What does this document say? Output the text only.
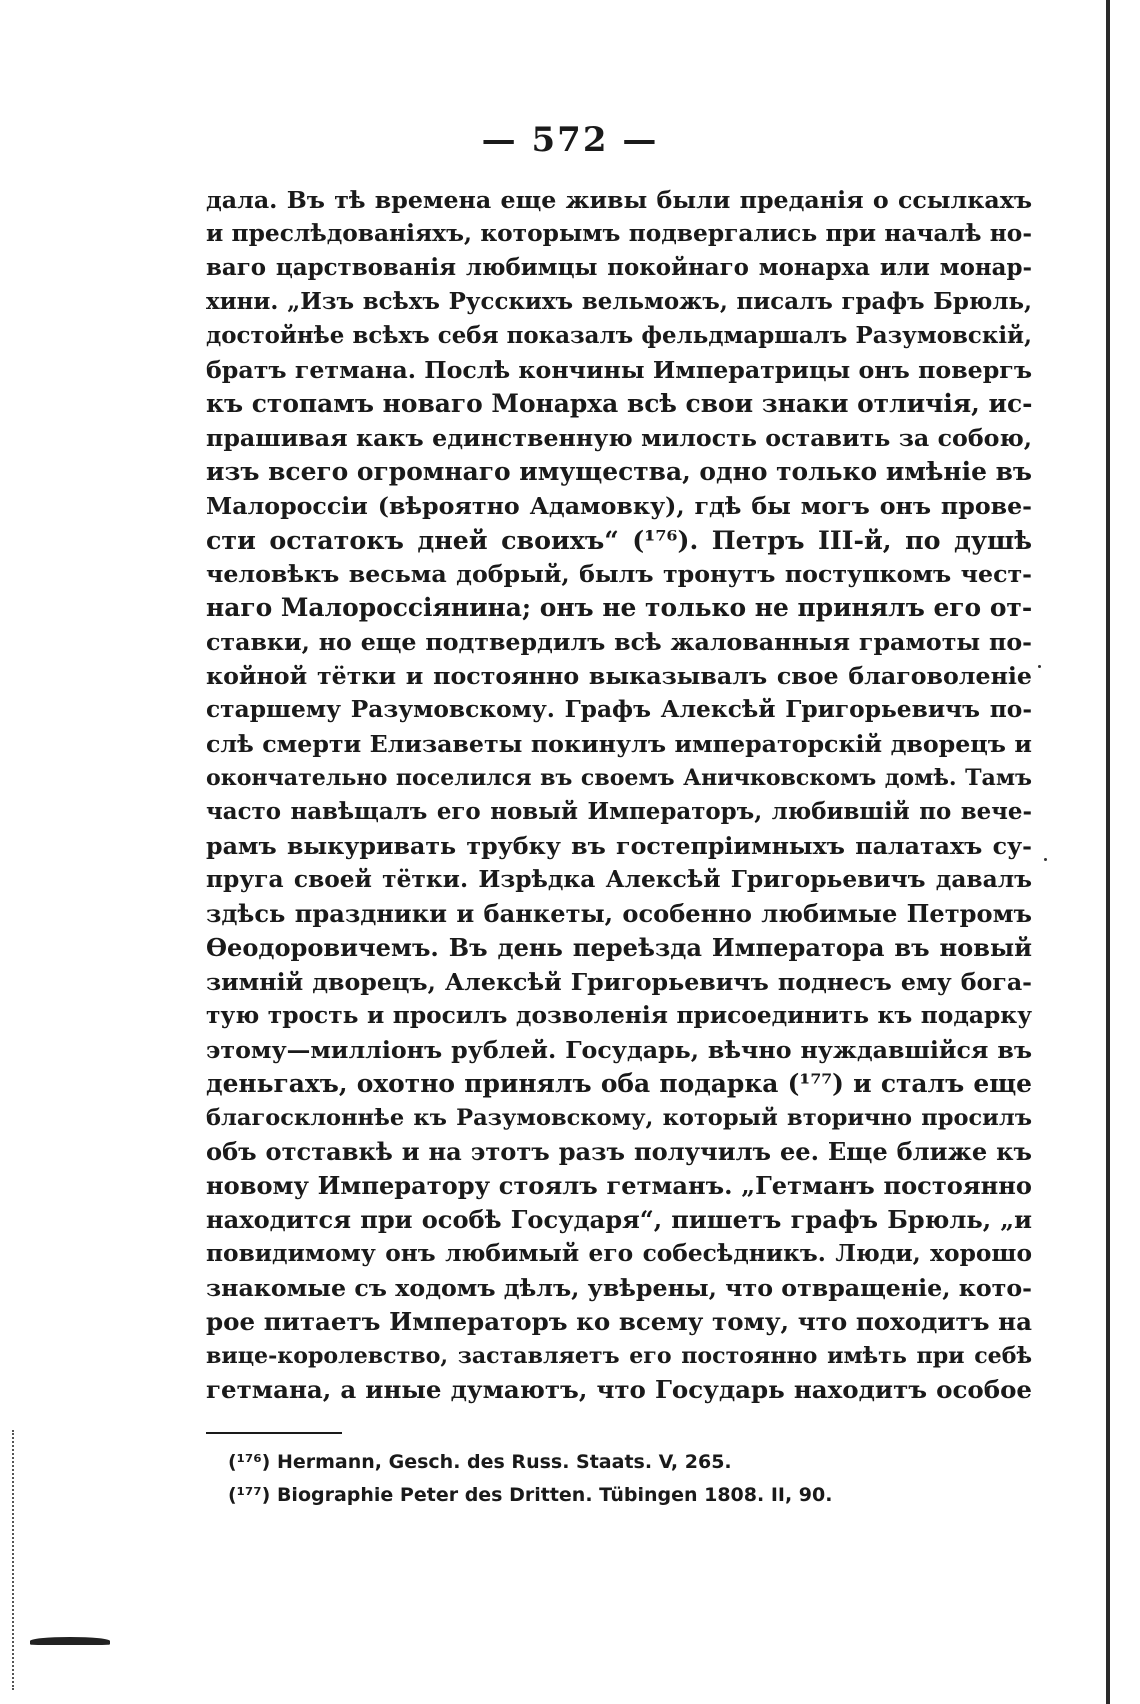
— 572 —
дала. Въ тѣ времена еще живы были преданія о ссылкахъ
и преслѣдованіяхъ, которымъ подвергались при началѣ но-
ваго царствованія любимцы покойнаго монарха или монар-
хини. „Изъ всѣхъ Русскихъ вельможъ, писалъ графъ Брюль,
достойнѣе всѣхъ себя показалъ фельдмаршалъ Разумовскій,
братъ гетмана. Послѣ кончины Императрицы онъ повергъ
къ стопамъ новаго Монарха всѣ свои знаки отличія, ис-
прашивая какъ единственную милость оставить за собою,
изъ всего огромнаго имущества, одно только имѣніе въ
Малороссіи (вѣроятно Адамовку), гдѣ бы могъ онъ прове-
сти остатокъ дней своихъ“ (¹⁷⁶). Петръ III-й, по душѣ
человѣкъ весьма добрый, былъ тронутъ поступкомъ чест-
наго Малороссіянина; онъ не только не принялъ его от-
ставки, но еще подтвердилъ всѣ жалованныя грамоты по-
койной тётки и постоянно выказывалъ свое благоволеніе
старшему Разумовскому. Графъ Алексѣй Григорьевичъ по-
слѣ смерти Елизаветы покинулъ императорскій дворецъ и
окончательно поселился въ своемъ Аничковскомъ домѣ. Тамъ
часто навѣщалъ его новый Императоръ, любившій по вече-
рамъ выкуривать трубку въ гостепріимныхъ палатахъ су-
пруга своей тётки. Изрѣдка Алексѣй Григорьевичъ давалъ
здѣсь праздники и банкеты, особенно любимые Петромъ
Ѳеодоровичемъ. Въ день переѣзда Императора въ новый
зимній дворецъ, Алексѣй Григорьевичъ поднесъ ему бога-
тую трость и просилъ дозволенія присоединить къ подарку
этому—милліонъ рублей. Государь, вѣчно нуждавшійся въ
деньгахъ, охотно принялъ оба подарка (¹⁷⁷) и сталъ еще
благосклоннѣе къ Разумовскому, который вторично просилъ
объ отставкѣ и на этотъ разъ получилъ ее. Еще ближе къ
новому Императору стоялъ гетманъ. „Гетманъ постоянно
находится при особѣ Государя“, пишетъ графъ Брюль, „и
повидимому онъ любимый его собесѣдникъ. Люди, хорошо
знакомые съ ходомъ дѣлъ, увѣрены, что отвращеніе, кото-
рое питаетъ Императоръ ко всему тому, что походитъ на
вице-королевство, заставляетъ его постоянно имѣть при себѣ
гетмана, а иные думаютъ, что Государь находитъ особое
(¹⁷⁶) Hermann, Gesch. des Russ. Staats. V, 265.
(¹⁷⁷) Biographie Peter des Dritten. Tübingen 1808. II, 90.
